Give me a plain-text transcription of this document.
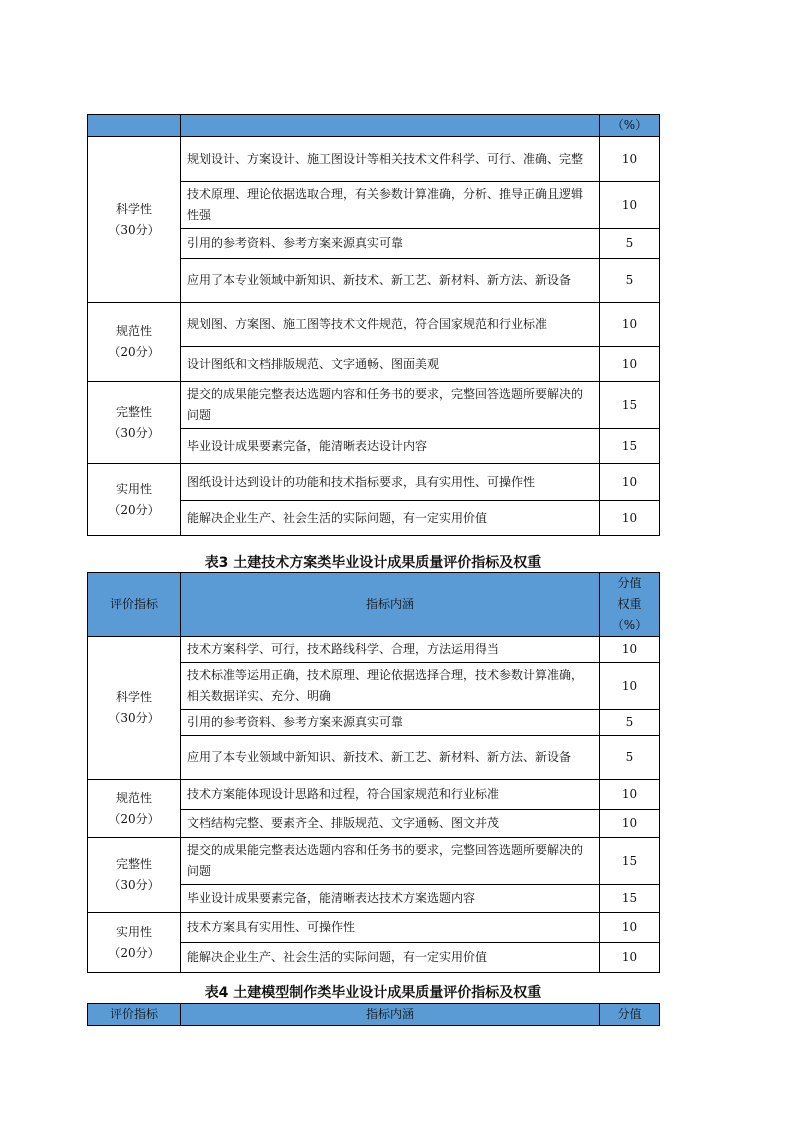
		（%）

科学性
（30分）	规划设计、方案设计、施工图设计等相关技术文件科学、可行、准确、完整	10
	技术原理、理论依据选取合理，有关参数计算准确，分析、推导正确且逻辑性强	10
	引用的参考资料、参考方案来源真实可靠	5
	应用了本专业领域中新知识、新技术、新工艺、新材料、新方法、新设备	5

规范性
（20分）	规划图、方案图、施工图等技术文件规范，符合国家规范和行业标准	10
	设计图纸和文档排版规范、文字通畅、图面美观	10

完整性
（30分）	提交的成果能完整表达选题内容和任务书的要求，完整回答选题所要解决的问题	15
	毕业设计成果要素完备，能清晰表达设计内容	15

实用性
（20分）	图纸设计达到设计的功能和技术指标要求，具有实用性、可操作性	10
	能解决企业生产、社会生活的实际问题，有一定实用价值	10
表3 土建技术方案类毕业设计成果质量评价指标及权重
评价指标	指标内涵	分值
权重
（%）

科学性
（30分）	技术方案科学、可行，技术路线科学、合理，方法运用得当	10
	技术标准等运用正确，技术原理、理论依据选择合理，技术参数计算准确，相关数据详实、充分、明确	10
	引用的参考资料、参考方案来源真实可靠	5
	应用了本专业领域中新知识、新技术、新工艺、新材料、新方法、新设备	5

规范性
（20分）	技术方案能体现设计思路和过程，符合国家规范和行业标准	10
	文档结构完整、要素齐全、排版规范、文字通畅、图文并茂	10

完整性
（30分）	提交的成果能完整表达选题内容和任务书的要求，完整回答选题所要解决的问题	15
	毕业设计成果要素完备，能清晰表达技术方案选题内容	15

实用性
（20分）	技术方案具有实用性、可操作性	10
	能解决企业生产、社会生活的实际问题，有一定实用价值	10
表4 土建模型制作类毕业设计成果质量评价指标及权重
评价指标	指标内涵	分值
